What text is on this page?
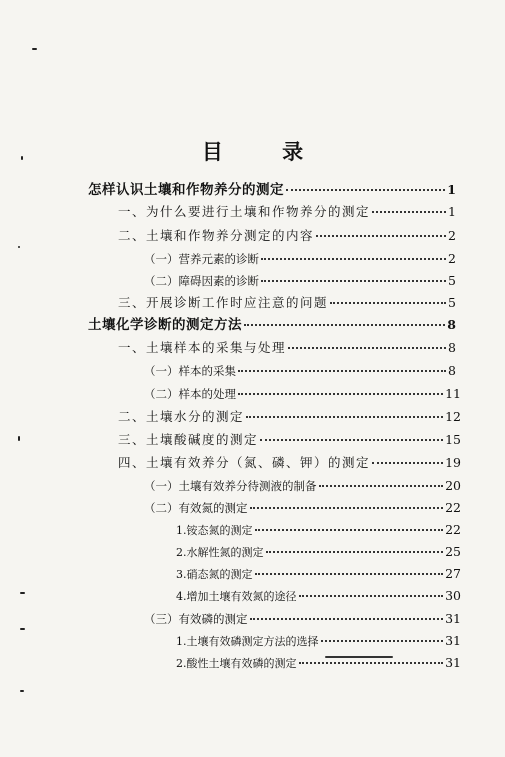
目 录
怎样认识土壤和作物养分的测定	1
一、为什么要进行土壤和作物养分的测定	1
二、土壤和作物养分测定的内容	2
（一）营养元素的诊断	2
（二）障碍因素的诊断	5
三、开展诊断工作时应注意的问题	5
土壤化学诊断的测定方法	8
一、土壤样本的采集与处理	8
（一）样本的采集	8
（二）样本的处理	11
二、土壤水分的测定	12
三、土壤酸碱度的测定	15
四、土壤有效养分（氮、磷、钾）的测定	19
（一）土壤有效养分待测液的制备	20
（二）有效氮的测定	22
1.铵态氮的测定	22
2.水解性氮的测定	25
3.硝态氮的测定	27
4.增加土壤有效氮的途径	30
（三）有效磷的测定	31
1.土壤有效磷测定方法的选择	31
2.酸性土壤有效磷的测定	31
